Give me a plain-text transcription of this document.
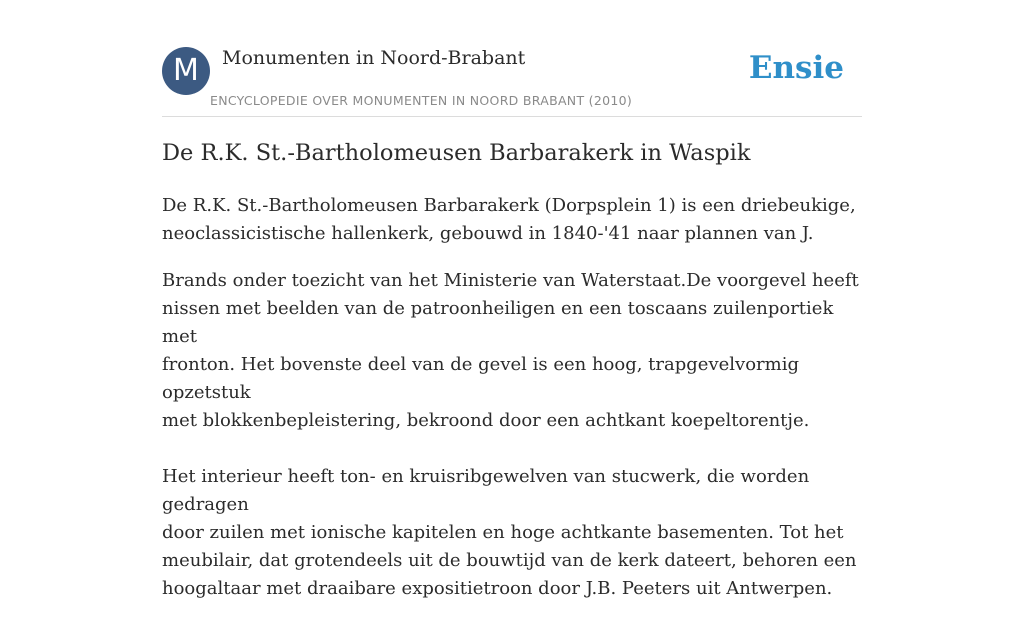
M	Monumenten in Noord-Brabant
ENCYCLOPEDIE OVER MONUMENTEN IN NOORD BRABANT (2010)
Ensie
De R.K. St.-Bartholomeusen Barbarakerk in Waspik

De R.K. St.-Bartholomeusen Barbarakerk (Dorpsplein 1) is een driebeukige,
neoclassicistische hallenkerk, gebouwd in 1840-'41 naar plannen van J.

Brands onder toezicht van het Ministerie van Waterstaat.De voorgevel heeft
nissen met beelden van de patroonheiligen en een toscaans zuilenportiek met
fronton. Het bovenste deel van de gevel is een hoog, trapgevelvormig opzetstuk
met blokkenbepleistering, bekroond door een achtkant koepeltorentje.

Het interieur heeft ton- en kruisribgewelven van stucwerk, die worden gedragen
door zuilen met ionische kapitelen en hoge achtkante basementen. Tot het
meubilair, dat grotendeels uit de bouwtijd van de kerk dateert, behoren een
hoogaltaar met draaibare expositietroon door J.B. Peeters uit Antwerpen.
